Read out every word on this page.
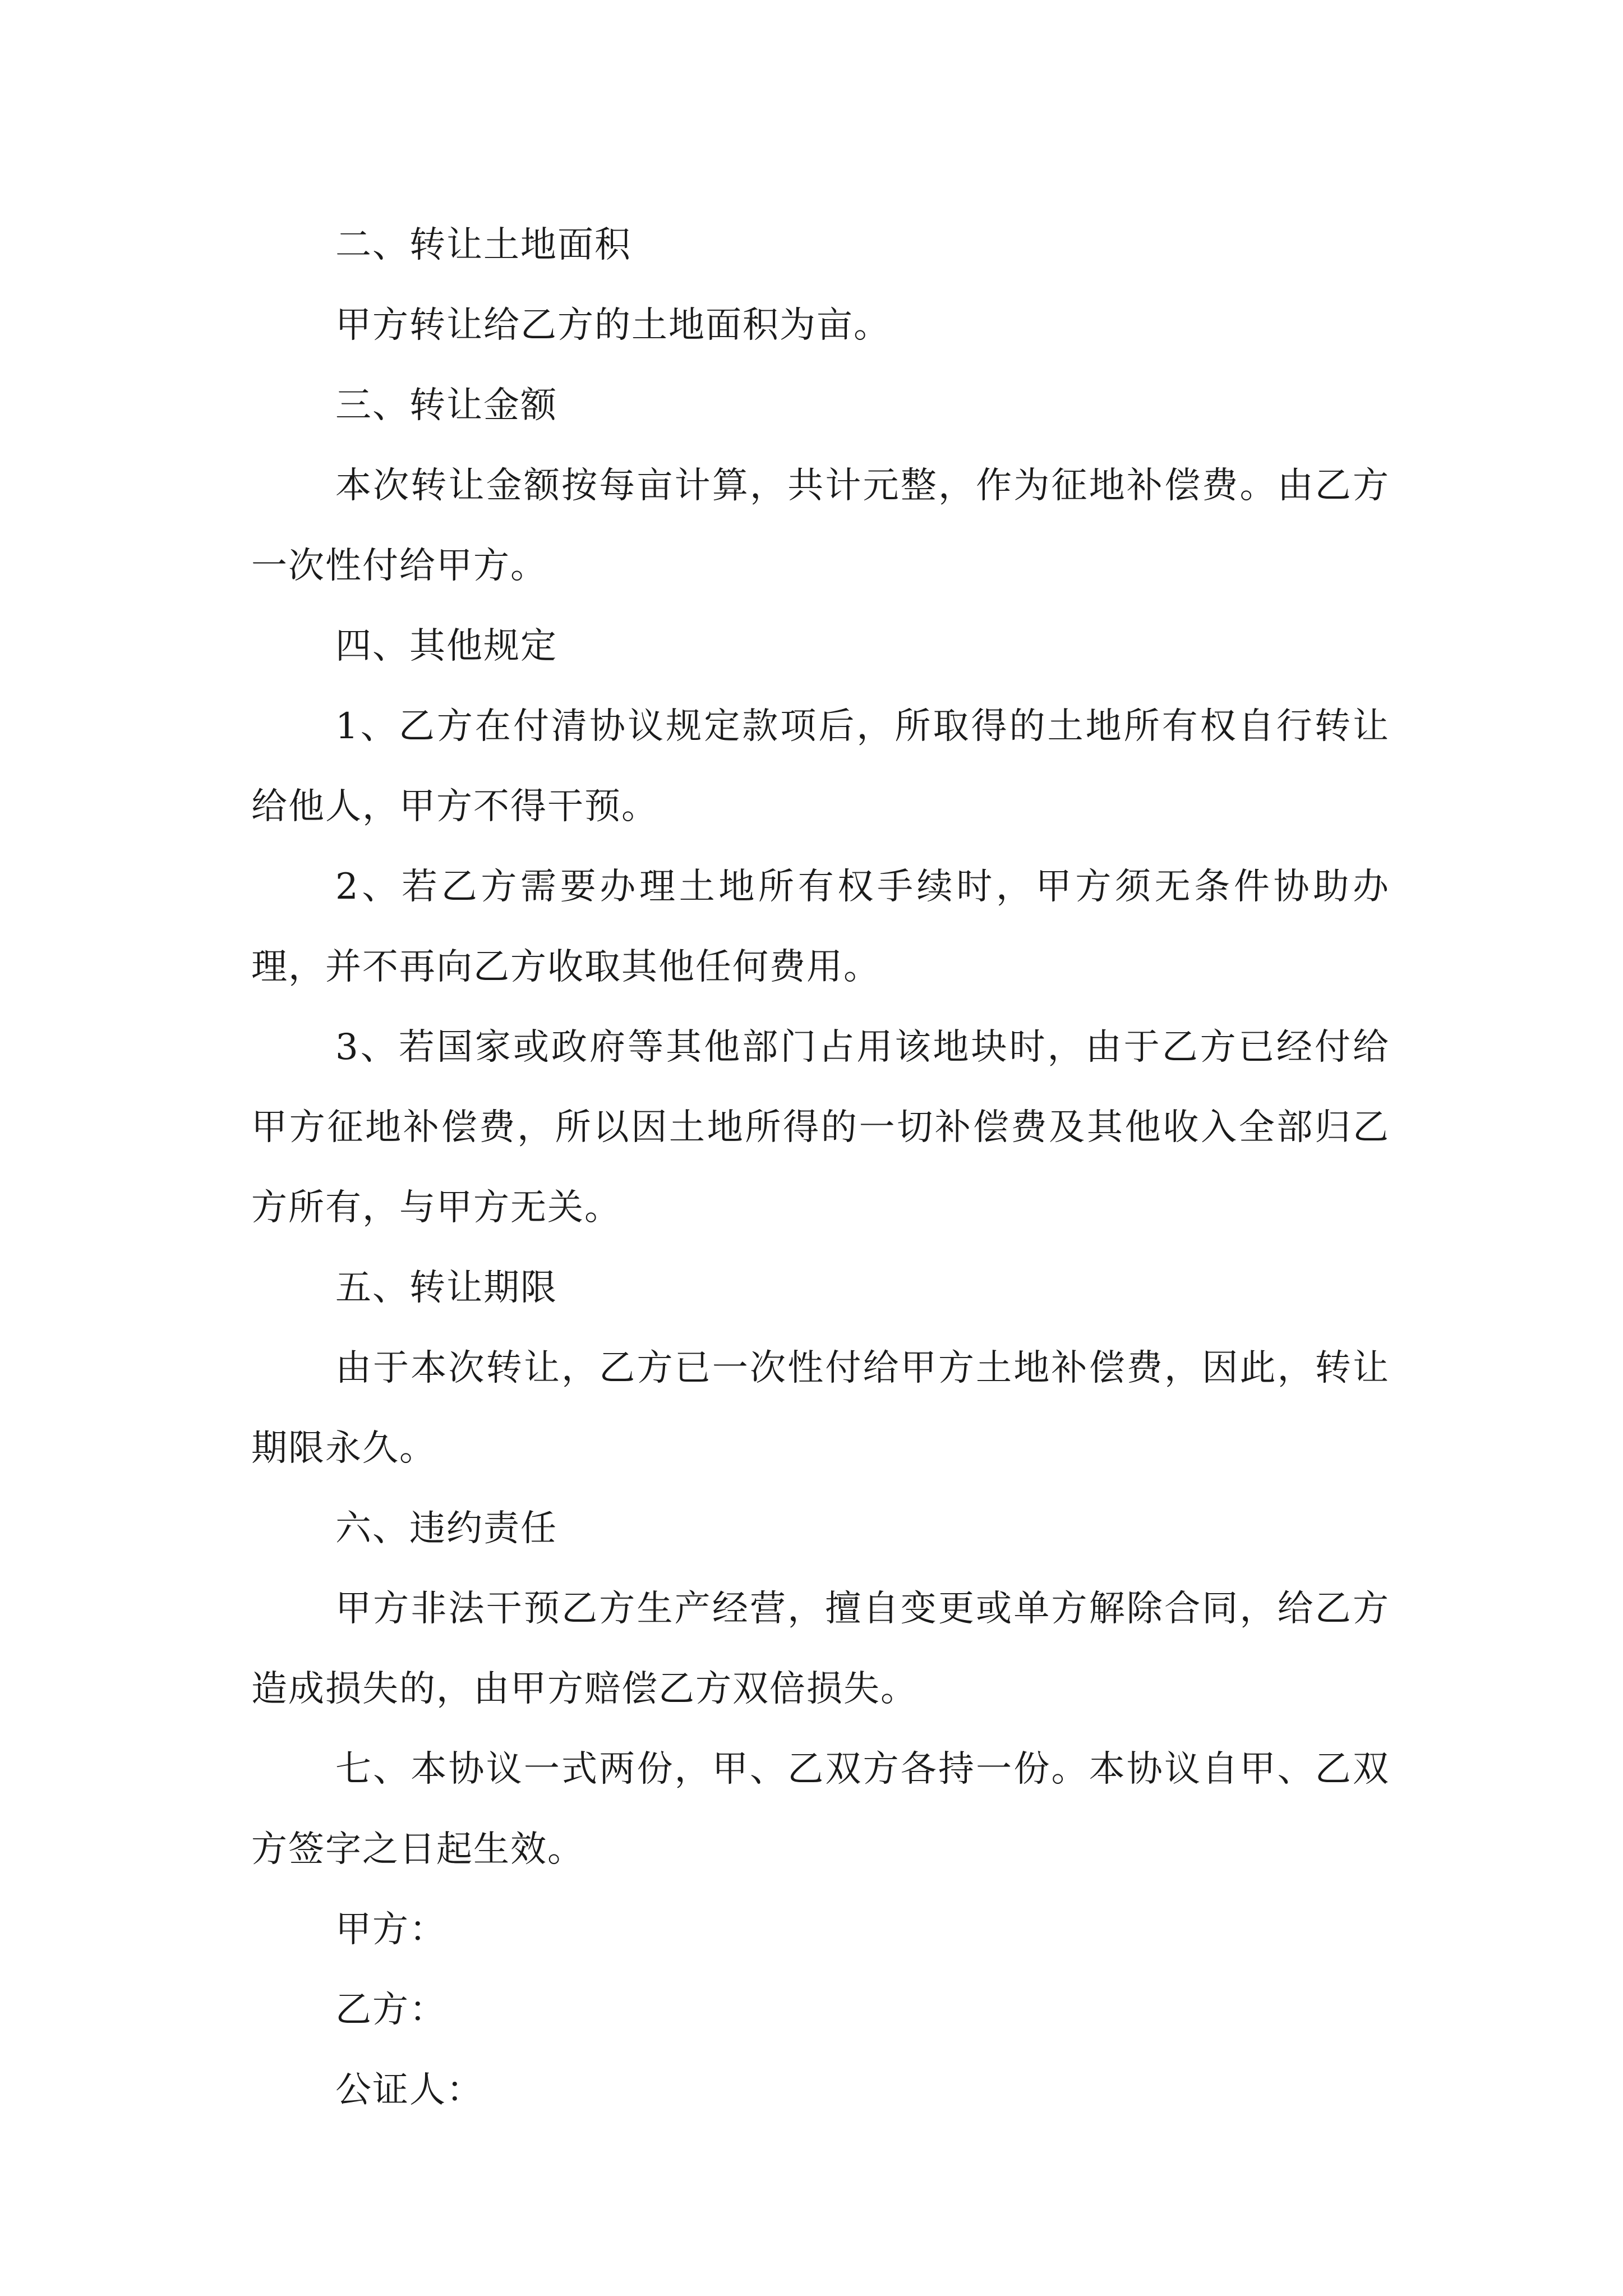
二、转让土地面积

甲方转让给乙方的土地面积为亩。

三、转让金额

本次转让金额按每亩计算，共计元整，作为征地补偿费。由乙方一次性付给甲方。

四、其他规定

1、乙方在付清协议规定款项后，所取得的土地所有权自行转让给他人，甲方不得干预。

2、若乙方需要办理土地所有权手续时，甲方须无条件协助办理，并不再向乙方收取其他任何费用。

3、若国家或政府等其他部门占用该地块时，由于乙方已经付给甲方征地补偿费，所以因土地所得的一切补偿费及其他收入全部归乙方所有，与甲方无关。

五、转让期限

由于本次转让，乙方已一次性付给甲方土地补偿费，因此，转让期限永久。

六、违约责任

甲方非法干预乙方生产经营，擅自变更或单方解除合同，给乙方造成损失的，由甲方赔偿乙方双倍损失。

七、本协议一式两份，甲、乙双方各持一份。本协议自甲、乙双方签字之日起生效。

甲方：

乙方：

公证人：
